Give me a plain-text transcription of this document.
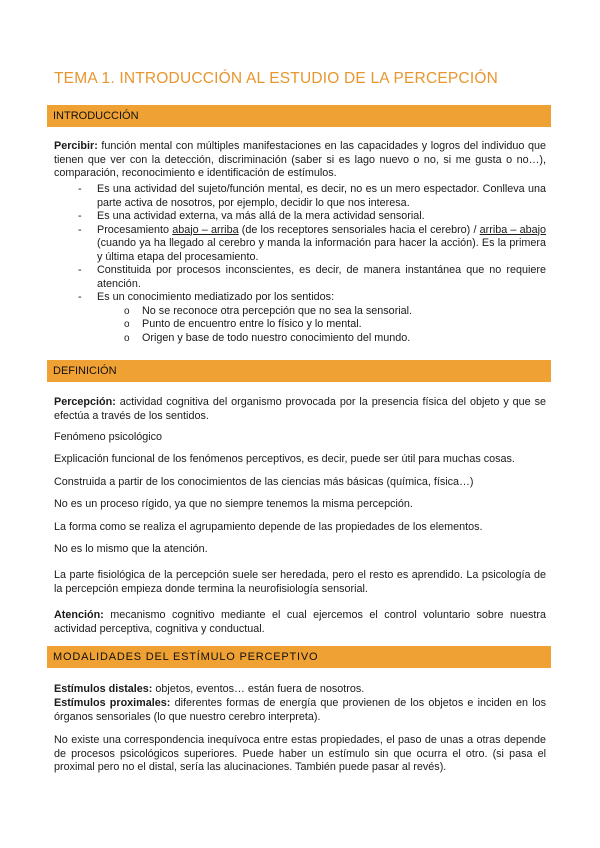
TEMA 1. INTRODUCCIÓN AL ESTUDIO DE LA PERCEPCIÓN
INTRODUCCIÓN
Percibir: función mental con múltiples manifestaciones en las capacidades y logros del individuo que tienen que ver con la detección, discriminación (saber si es lago nuevo o no, si me gusta o no…), comparación, reconocimiento e identificación de estímulos.
- Es una actividad del sujeto/función mental, es decir, no es un mero espectador. Conlleva una parte activa de nosotros, por ejemplo, decidir lo que nos interesa.
- Es una actividad externa, va más allá de la mera actividad sensorial.
- Procesamiento abajo – arriba (de los receptores sensoriales hacia el cerebro) / arriba – abajo (cuando ya ha llegado al cerebro y manda la información para hacer la acción). Es la primera y última etapa del procesamiento.
- Constituida por procesos inconscientes, es decir, de manera instantánea que no requiere atención.
- Es un conocimiento mediatizado por los sentidos:
o No se reconoce otra percepción que no sea la sensorial.
o Punto de encuentro entre lo físico y lo mental.
o Origen y base de todo nuestro conocimiento del mundo.
DEFINICIÓN
Percepción: actividad cognitiva del organismo provocada por la presencia física del objeto y que se efectúa a través de los sentidos.
Fenómeno psicológico
Explicación funcional de los fenómenos perceptivos, es decir, puede ser útil para muchas cosas.
Construida a partir de los conocimientos de las ciencias más básicas (química, física…)
No es un proceso rígido, ya que no siempre tenemos la misma percepción.
La forma como se realiza el agrupamiento depende de las propiedades de los elementos.
No es lo mismo que la atención.
La parte fisiológica de la percepción suele ser heredada, pero el resto es aprendido. La psicología de la percepción empieza donde termina la neurofisiología sensorial.
Atención: mecanismo cognitivo mediante el cual ejercemos el control voluntario sobre nuestra actividad perceptiva, cognitiva y conductual.
MODALIDADES DEL ESTÍMULO PERCEPTIVO
Estímulos distales: objetos, eventos… están fuera de nosotros.
Estímulos proximales: diferentes formas de energía que provienen de los objetos e inciden en los órganos sensoriales (lo que nuestro cerebro interpreta).
No existe una correspondencia inequívoca entre estas propiedades, el paso de unas a otras depende de procesos psicológicos superiores. Puede haber un estímulo sin que ocurra el otro. (si pasa el proximal pero no el distal, sería las alucinaciones. También puede pasar al revés).
